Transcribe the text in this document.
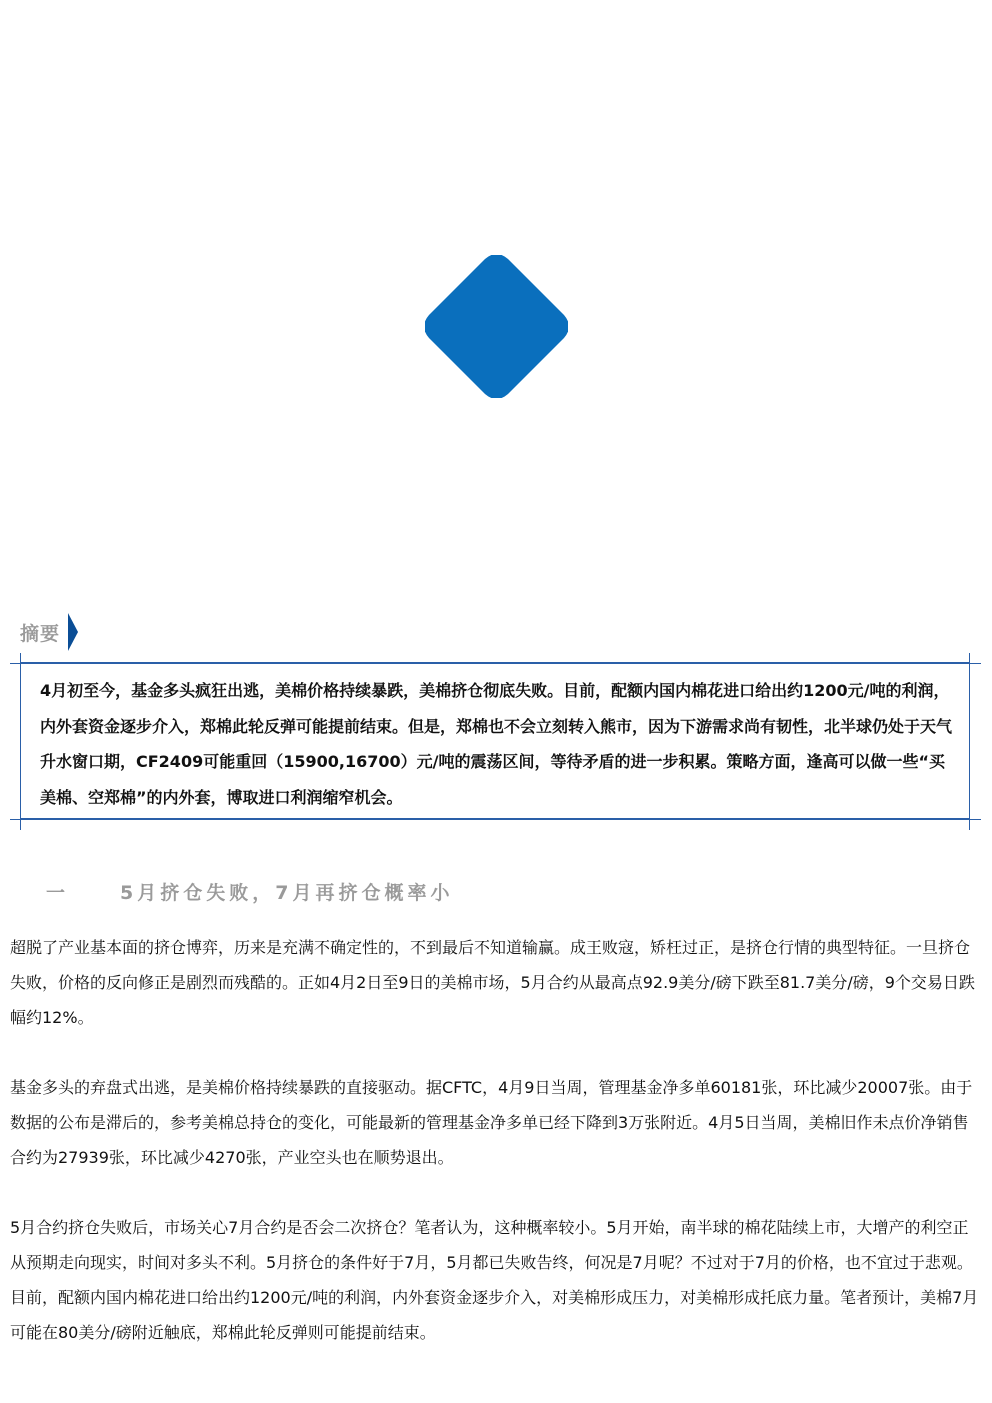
摘要
4月初至今，基金多头疯狂出逃，美棉价格持续暴跌，美棉挤仓彻底失败。目前，配额内国内棉花进口给出约1200元/吨的利润，内外套资金逐步介入，郑棉此轮反弹可能提前结束。但是，郑棉也不会立刻转入熊市，因为下游需求尚有韧性，北半球仍处于天气升水窗口期，CF2409可能重回（15900,16700）元/吨的震荡区间，等待矛盾的进一步积累。策略方面，逢高可以做一些“买美棉、空郑棉”的内外套，博取进口利润缩窄机会。
一	5月挤仓失败，7月再挤仓概率小

超脱了产业基本面的挤仓博弈，历来是充满不确定性的，不到最后不知道输赢。成王败寇，矫枉过正，是挤仓行情的典型特征。一旦挤仓失败，价格的反向修正是剧烈而残酷的。正如4月2日至9日的美棉市场，5月合约从最高点92.9美分/磅下跌至81.7美分/磅，9个交易日跌幅约12%。

基金多头的弃盘式出逃，是美棉价格持续暴跌的直接驱动。据CFTC，4月9日当周，管理基金净多单60181张，环比减少20007张。由于数据的公布是滞后的，参考美棉总持仓的变化，可能最新的管理基金净多单已经下降到3万张附近。4月5日当周，美棉旧作未点价净销售合约为27939张，环比减少4270张，产业空头也在顺势退出。

5月合约挤仓失败后，市场关心7月合约是否会二次挤仓？笔者认为，这种概率较小。5月开始，南半球的棉花陆续上市，大增产的利空正从预期走向现实，时间对多头不利。5月挤仓的条件好于7月，5月都已失败告终，何况是7月呢？不过对于7月的价格，也不宜过于悲观。目前，配额内国内棉花进口给出约1200元/吨的利润，内外套资金逐步介入，对美棉形成压力，对美棉形成托底力量。笔者预计，美棉7月可能在80美分/磅附近触底，郑棉此轮反弹则可能提前结束。
